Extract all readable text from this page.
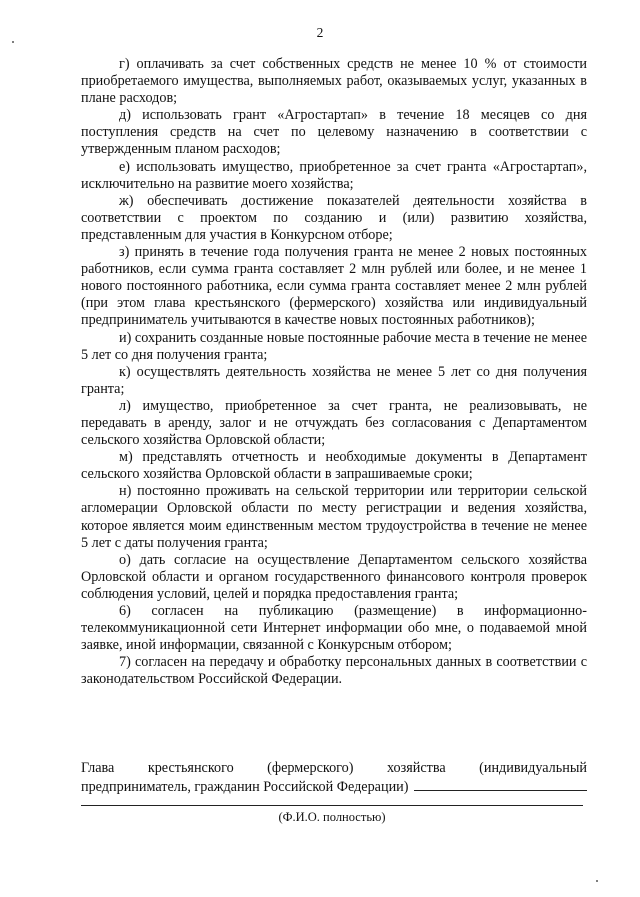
2

г) оплачивать за счет собственных средств не менее 10 % от стоимости приобретаемого имущества, выполняемых работ, оказываемых услуг, указанных в плане расходов;

д) использовать грант «Агростартап» в течение 18 месяцев со дня поступления средств на счет по целевому назначению в соответствии с утвержденным планом расходов;

е) использовать имущество, приобретенное за счет гранта «Агростартап», исключительно на развитие моего хозяйства;

ж) обеспечивать достижение показателей деятельности хозяйства в соответствии с проектом по созданию и (или) развитию хозяйства, представленным для участия в Конкурсном отборе;

з) принять в течение года получения гранта не менее 2 новых постоянных работников, если сумма гранта составляет 2 млн рублей или более, и не менее 1 нового постоянного работника, если сумма гранта составляет менее 2 млн рублей (при этом глава крестьянского (фермерского) хозяйства или индивидуальный предприниматель учитываются в качестве новых постоянных работников);

и) сохранить созданные новые постоянные рабочие места в течение не менее 5 лет со дня получения гранта;

к) осуществлять деятельность хозяйства не менее 5 лет со дня получения гранта;

л) имущество, приобретенное за счет гранта, не реализовывать, не передавать в аренду, залог и не отчуждать без согласования с Департаментом сельского хозяйства Орловской области;

м) представлять отчетность и необходимые документы в Департамент сельского хозяйства Орловской области в запрашиваемые сроки;

н) постоянно проживать на сельской территории или территории сельской агломерации Орловской области по месту регистрации и ведения хозяйства, которое является моим единственным местом трудоустройства в течение не менее 5 лет с даты получения гранта;

о) дать согласие на осуществление Департаментом сельского хозяйства Орловской области и органом государственного финансового контроля проверок соблюдения условий, целей и порядка предоставления гранта;

6) согласен на публикацию (размещение) в информационно-телекоммуникационной сети Интернет информации обо мне, о подаваемой мной заявке, иной информации, связанной с Конкурсным отбором;

7) согласен на передачу и обработку персональных данных в соответствии с законодательством Российской Федерации.

Глава крестьянского (фермерского) хозяйства (индивидуальный
предприниматель, гражданин Российской Федерации)
(Ф.И.О. полностью)
